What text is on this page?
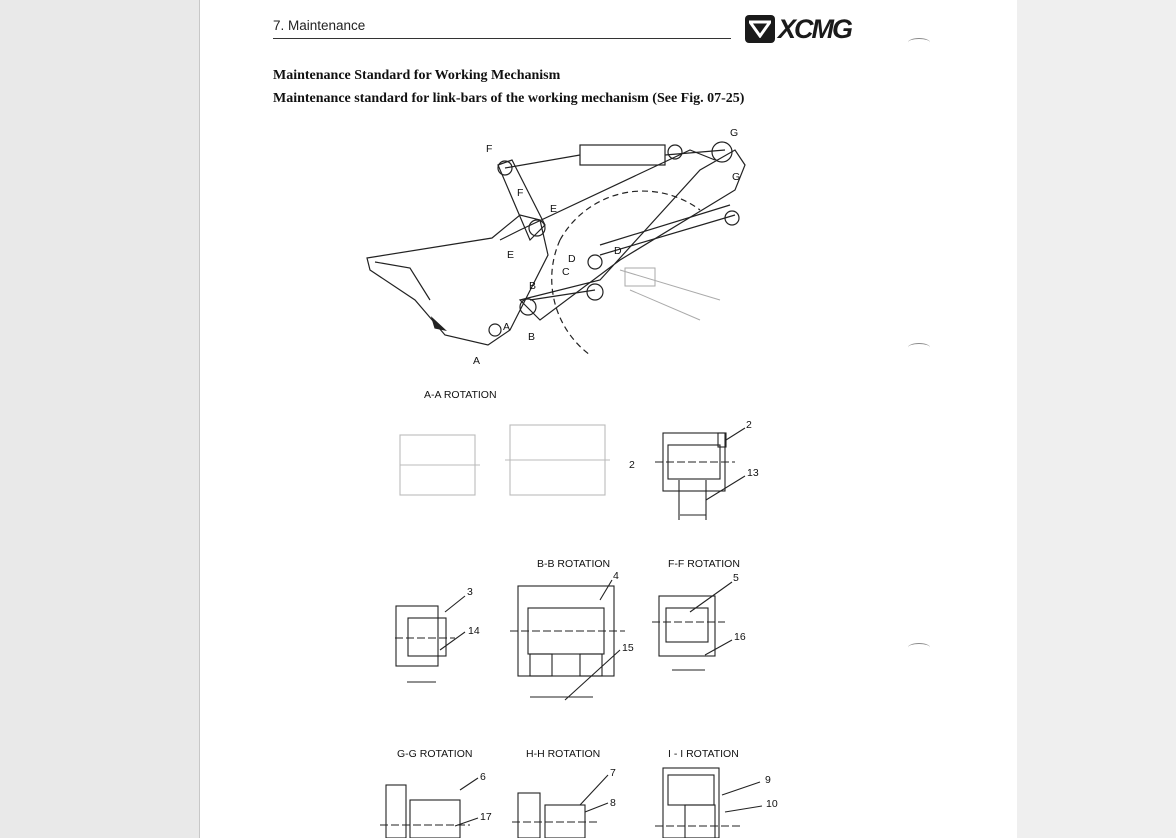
7. Maintenance	XCMG
Maintenance Standard for Working Mechanism
Maintenance standard for link-bars of the working mechanism (See Fig. 07-25)
F
F
G
G
E
E	D
D
C
B
B
A
A
A-A ROTATION
B-B ROTATION	F-F ROTATION
G-G ROTATION	H-H ROTATION	I - I ROTATION
2
2
13
3
14
4
15
5
16
6
17
7
8
9
10
